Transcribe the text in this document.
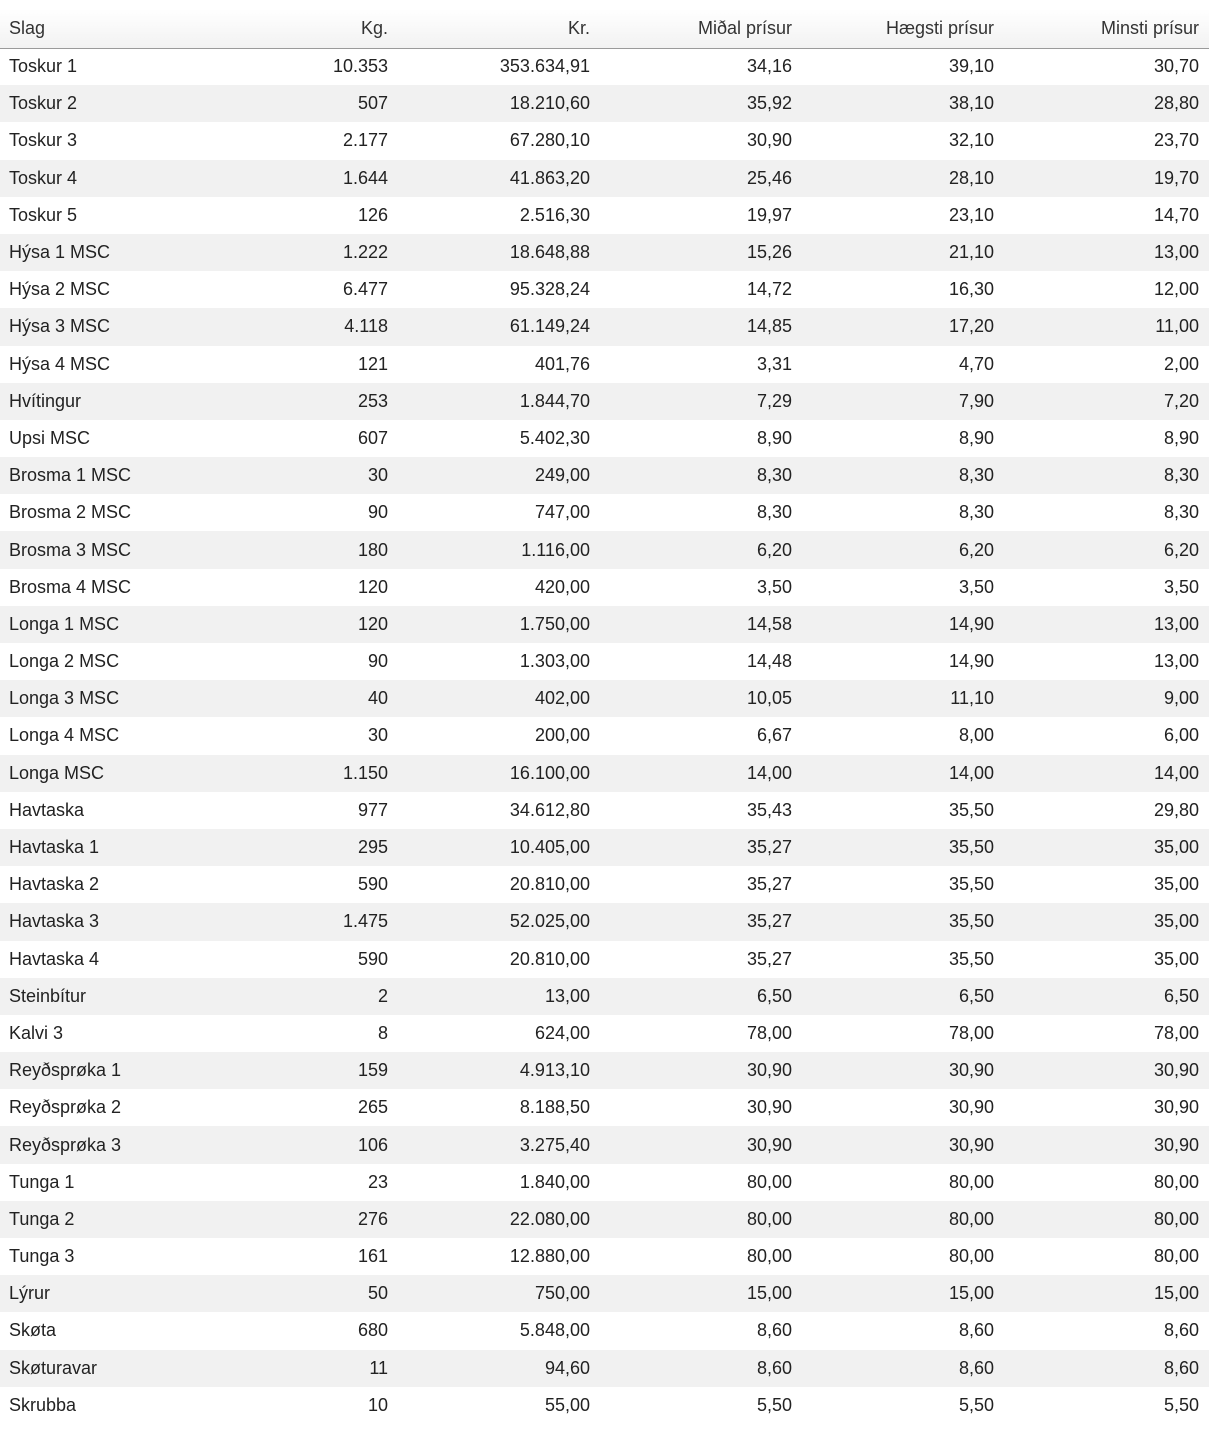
Slag	Kg.	Kr.	Miðal prísur	Hægsti prísur	Minsti prísur
Toskur 1	10.353	353.634,91	34,16	39,10	30,70
Toskur 2	507	18.210,60	35,92	38,10	28,80
Toskur 3	2.177	67.280,10	30,90	32,10	23,70
Toskur 4	1.644	41.863,20	25,46	28,10	19,70
Toskur 5	126	2.516,30	19,97	23,10	14,70
Hýsa 1 MSC	1.222	18.648,88	15,26	21,10	13,00
Hýsa 2 MSC	6.477	95.328,24	14,72	16,30	12,00
Hýsa 3 MSC	4.118	61.149,24	14,85	17,20	11,00
Hýsa 4 MSC	121	401,76	3,31	4,70	2,00
Hvítingur	253	1.844,70	7,29	7,90	7,20
Upsi MSC	607	5.402,30	8,90	8,90	8,90
Brosma 1 MSC	30	249,00	8,30	8,30	8,30
Brosma 2 MSC	90	747,00	8,30	8,30	8,30
Brosma 3 MSC	180	1.116,00	6,20	6,20	6,20
Brosma 4 MSC	120	420,00	3,50	3,50	3,50
Longa 1 MSC	120	1.750,00	14,58	14,90	13,00
Longa 2 MSC	90	1.303,00	14,48	14,90	13,00
Longa 3 MSC	40	402,00	10,05	11,10	9,00
Longa 4 MSC	30	200,00	6,67	8,00	6,00
Longa MSC	1.150	16.100,00	14,00	14,00	14,00
Havtaska	977	34.612,80	35,43	35,50	29,80
Havtaska 1	295	10.405,00	35,27	35,50	35,00
Havtaska 2	590	20.810,00	35,27	35,50	35,00
Havtaska 3	1.475	52.025,00	35,27	35,50	35,00
Havtaska 4	590	20.810,00	35,27	35,50	35,00
Steinbítur	2	13,00	6,50	6,50	6,50
Kalvi 3	8	624,00	78,00	78,00	78,00
Reyðsprøka 1	159	4.913,10	30,90	30,90	30,90
Reyðsprøka 2	265	8.188,50	30,90	30,90	30,90
Reyðsprøka 3	106	3.275,40	30,90	30,90	30,90
Tunga 1	23	1.840,00	80,00	80,00	80,00
Tunga 2	276	22.080,00	80,00	80,00	80,00
Tunga 3	161	12.880,00	80,00	80,00	80,00
Lýrur	50	750,00	15,00	15,00	15,00
Skøta	680	5.848,00	8,60	8,60	8,60
Skøturavar	11	94,60	8,60	8,60	8,60
Skrubba	10	55,00	5,50	5,50	5,50
